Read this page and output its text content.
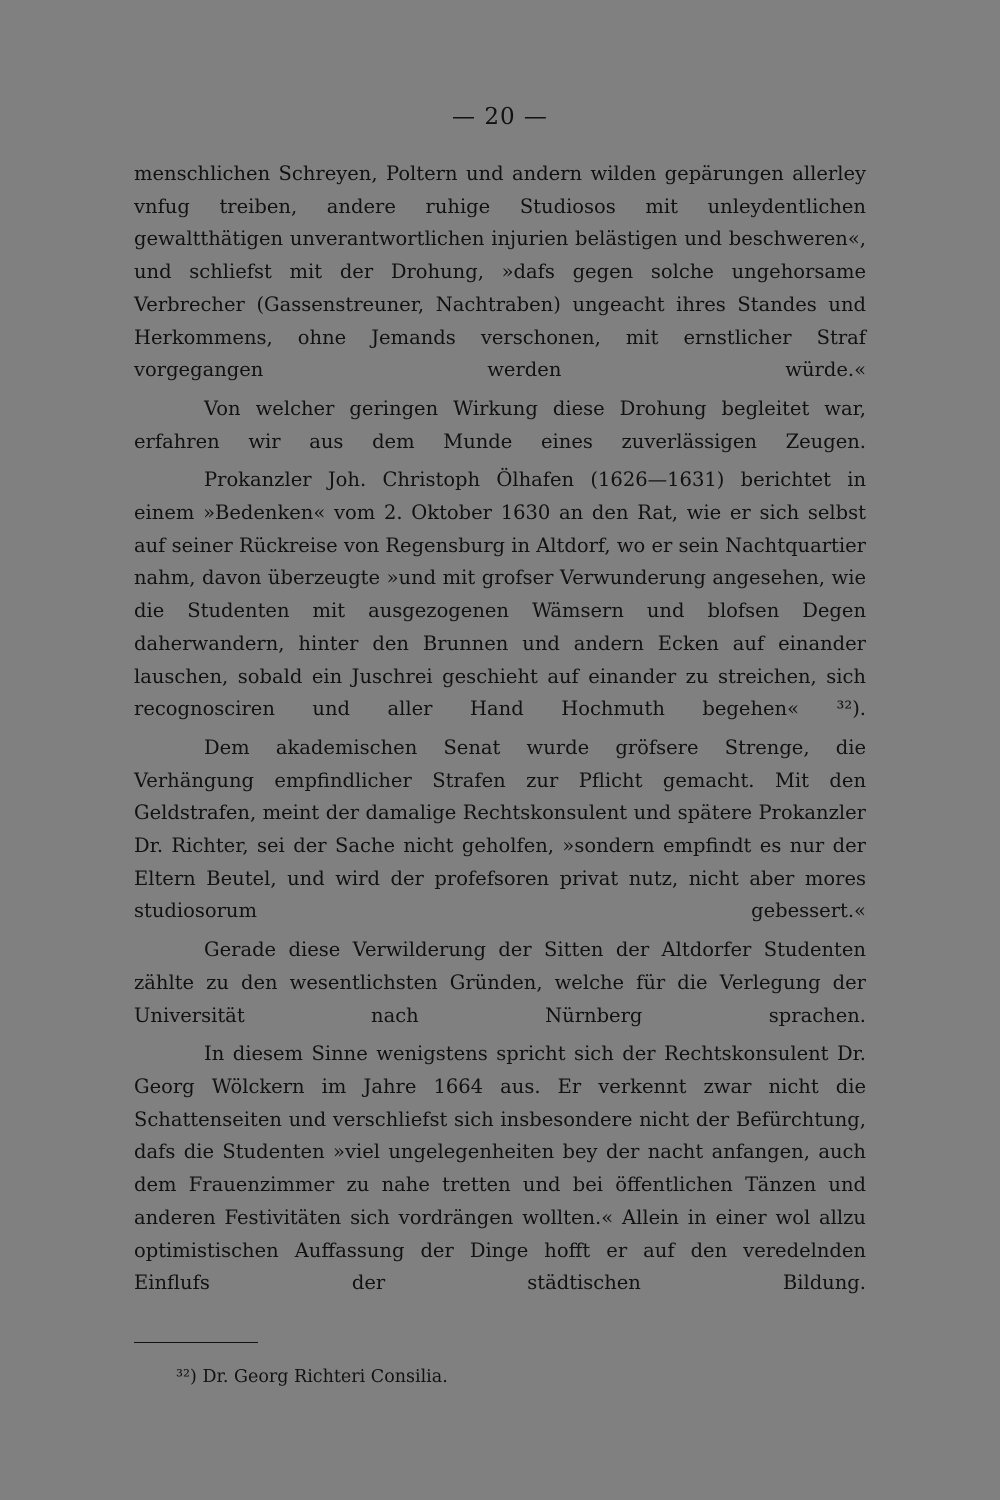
— 20 —

menschlichen Schreyen, Poltern und andern wilden gepärungen allerley vnfug treiben, andere ruhige Studiosos mit unleydentlichen gewaltthätigen unverantwortlichen injurien belästigen und beschweren«, und schliefst mit der Drohung, »dafs gegen solche ungehorsame Verbrecher (Gassenstreuner, Nachtraben) ungeacht ihres Standes und Herkommens, ohne Jemands verschonen, mit ernstlicher Straf vorgegangen werden würde.«

Von welcher geringen Wirkung diese Drohung begleitet war, erfahren wir aus dem Munde eines zuverlässigen Zeugen.

Prokanzler Joh. Christoph Ölhafen (1626—1631) berichtet in einem »Bedenken« vom 2. Oktober 1630 an den Rat, wie er sich selbst auf seiner Rückreise von Regensburg in Altdorf, wo er sein Nachtquartier nahm, davon überzeugte »und mit grofser Verwunderung angesehen, wie die Studenten mit ausgezogenen Wämsern und blofsen Degen daherwandern, hinter den Brunnen und andern Ecken auf einander lauschen, sobald ein Juschrei geschieht auf einander zu streichen, sich recognosciren und aller Hand Hochmuth begehen« ³²).

Dem akademischen Senat wurde gröfsere Strenge, die Verhängung empfindlicher Strafen zur Pflicht gemacht. Mit den Geldstrafen, meint der damalige Rechtskonsulent und spätere Prokanzler Dr. Richter, sei der Sache nicht geholfen, »sondern empfindt es nur der Eltern Beutel, und wird der profefsoren privat nutz, nicht aber mores studiosorum gebessert.«

Gerade diese Verwilderung der Sitten der Altdorfer Studenten zählte zu den wesentlichsten Gründen, welche für die Verlegung der Universität nach Nürnberg sprachen.

In diesem Sinne wenigstens spricht sich der Rechtskonsulent Dr. Georg Wölckern im Jahre 1664 aus. Er verkennt zwar nicht die Schattenseiten und verschliefst sich insbesondere nicht der Befürchtung, dafs die Studenten »viel ungelegenheiten bey der nacht anfangen, auch dem Frauenzimmer zu nahe tretten und bei öffentlichen Tänzen und anderen Festivitäten sich vordrängen wollten.« Allein in einer wol allzu optimistischen Auffassung der Dinge hofft er auf den veredelnden Einflufs der städtischen Bildung.

³²) Dr. Georg Richteri Consilia.
